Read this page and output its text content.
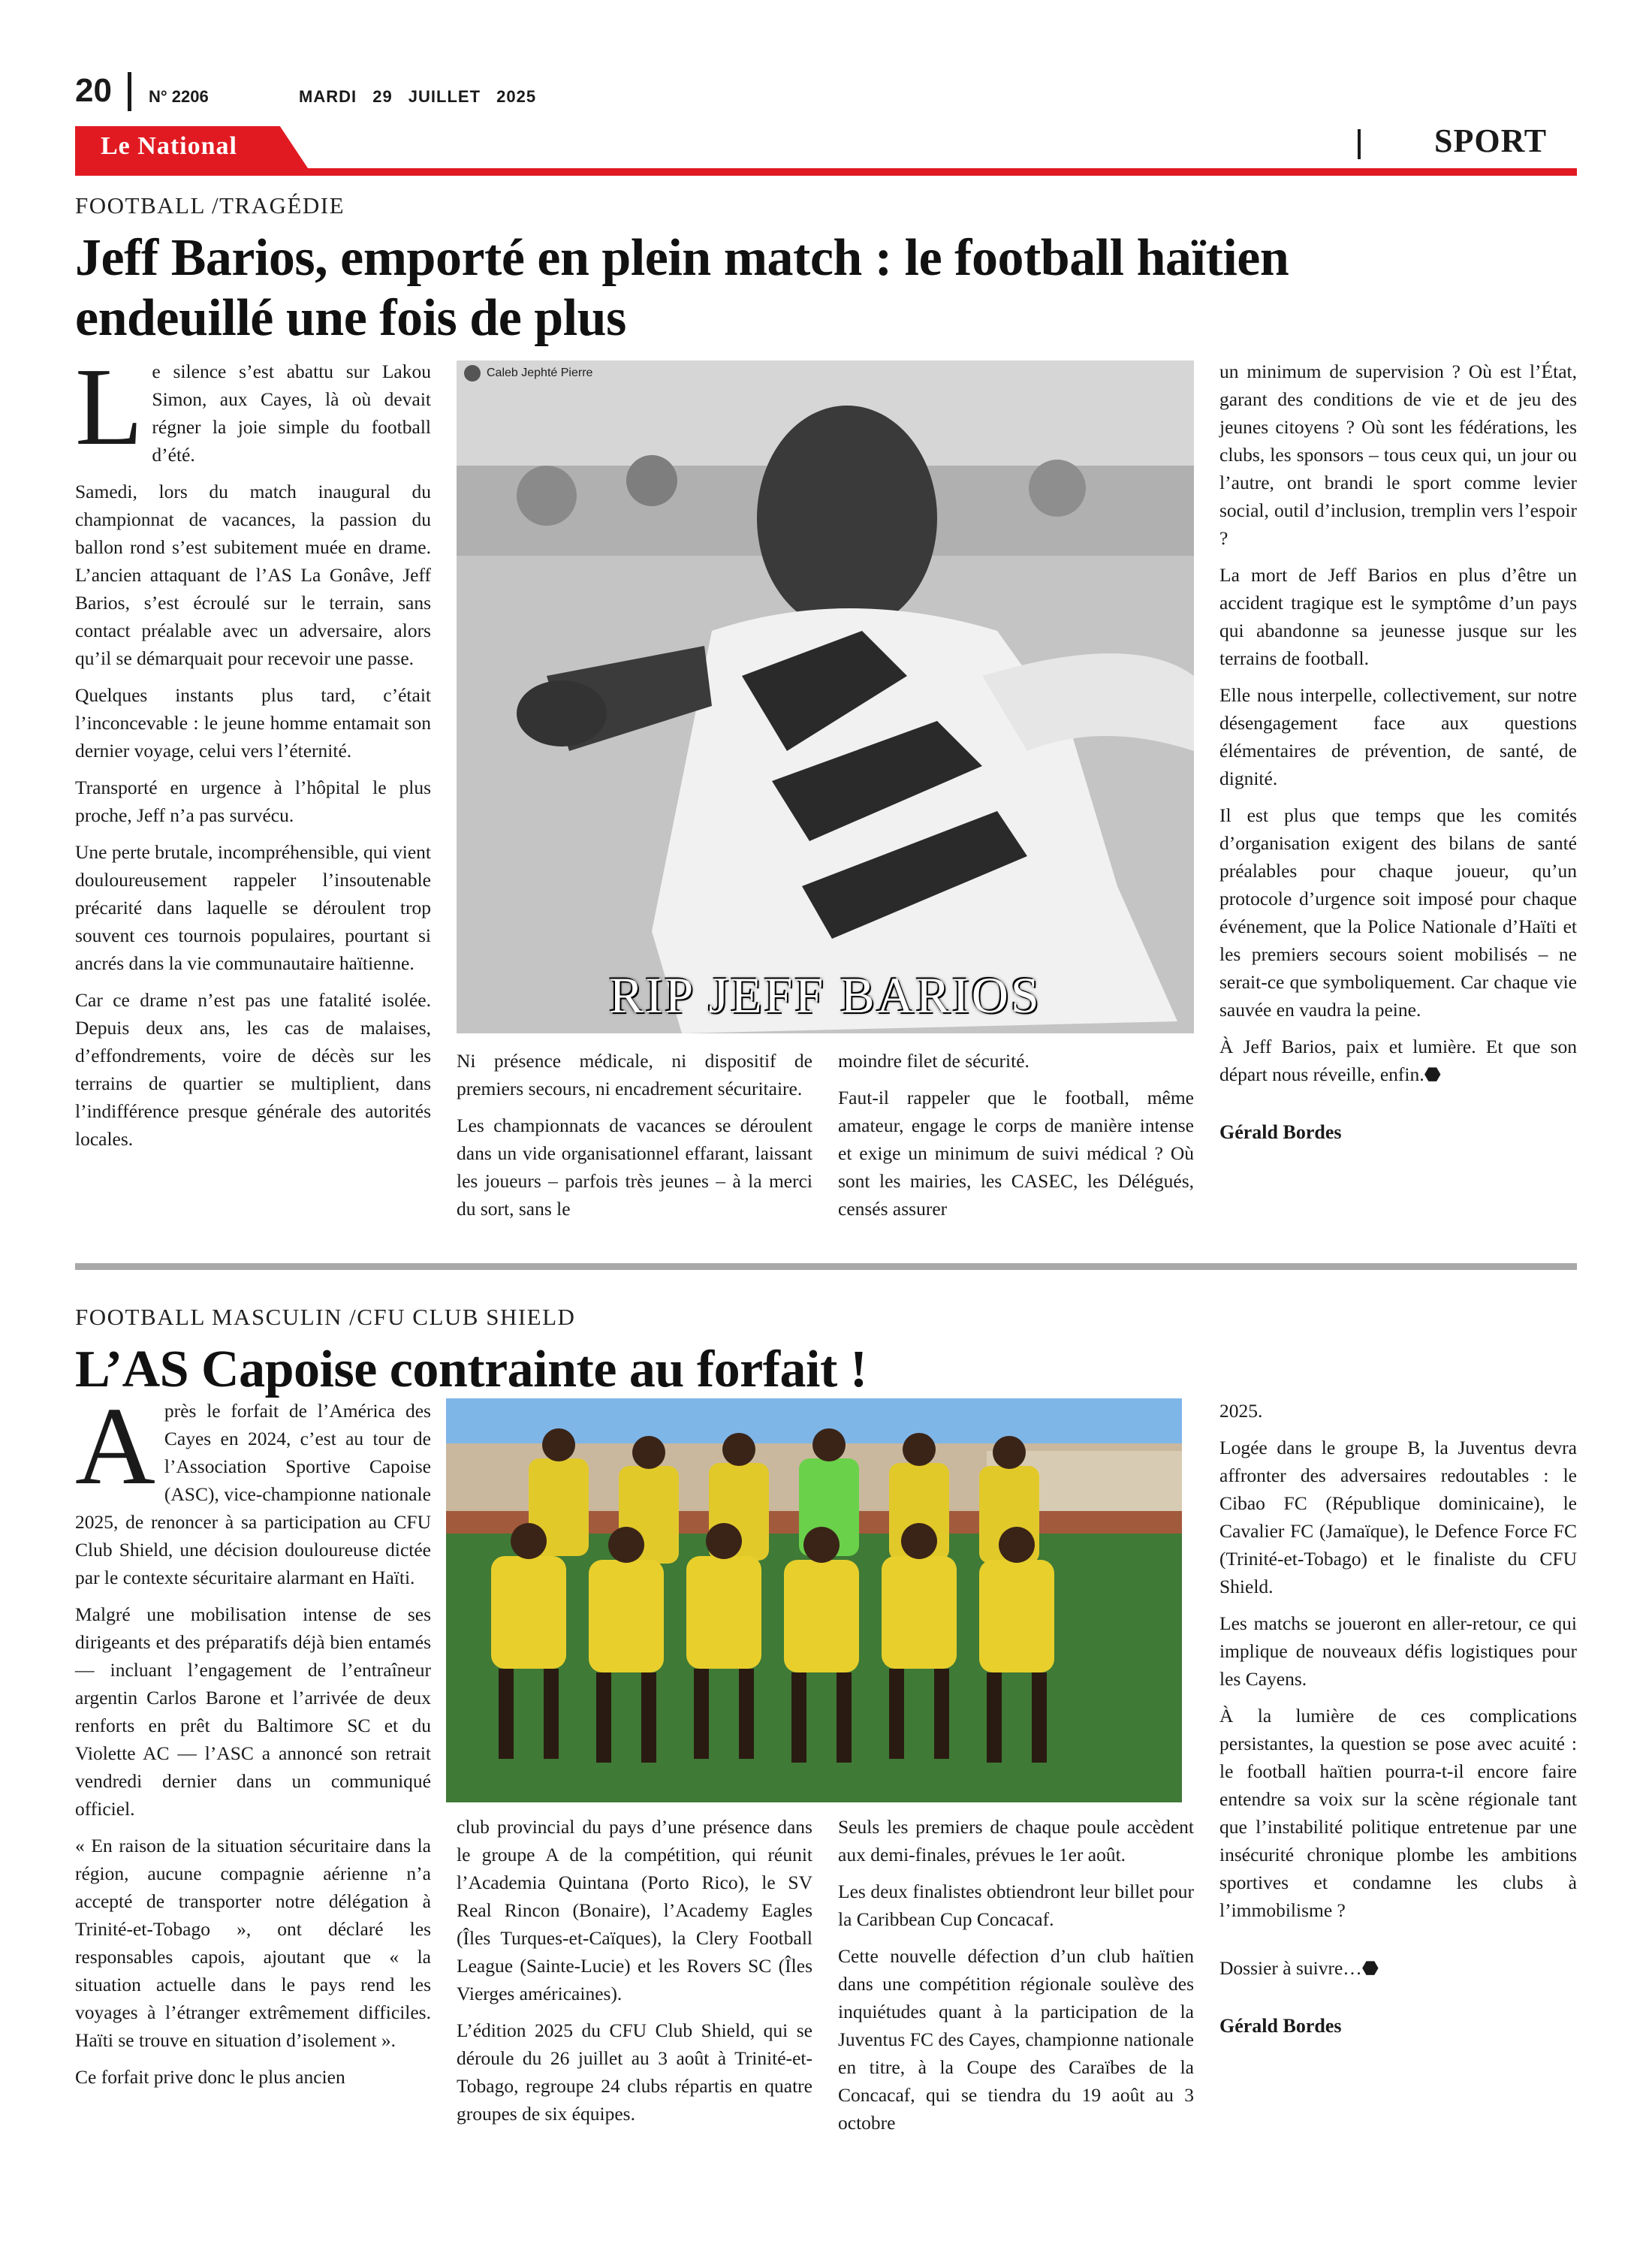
20 N° 2206	MARDI 29 JUILLET 2025
Le National	SPORT
FOOTBALL /TRAGÉDIE
Jeff Barios, emporté en plein match : le football haïtien
endeuillé une fois de plus

Le silence s’est abattu sur Lakou Simon, aux Cayes, là où devait régner la joie simple du football d’été.

Samedi, lors du match inaugural du championnat de vacances, la passion du ballon rond s’est subitement muée en drame. L’ancien attaquant de l’AS La Gonâve, Jeff Barios, s’est écroulé sur le terrain, sans contact préalable avec un adversaire, alors qu’il se démarquait pour recevoir une passe.

Quelques instants plus tard, c’était l’inconcevable : le jeune homme entamait son dernier voyage, celui vers l’éternité.

Transporté en urgence à l’hôpital le plus proche, Jeff n’a pas survécu.

Une perte brutale, incompréhensible, qui vient douloureusement rappeler l’insoutenable précarité dans laquelle se déroulent trop souvent ces tournois populaires, pourtant si ancrés dans la vie communautaire haïtienne.

Car ce drame n’est pas une fatalité isolée. Depuis deux ans, les cas de malaises, d’effondrements, voire de décès sur les terrains de quartier se multiplient, dans l’indifférence presque générale des autorités locales.

RIP JEFF BARIOS
Caleb Jephté Pierre

Ni présence médicale, ni dispositif de premiers secours, ni encadrement sécuritaire.

Les championnats de vacances se déroulent dans un vide organisationnel effarant, laissant les joueurs – parfois très jeunes – à la merci du sort, sans le

moindre filet de sécurité.

Faut-il rappeler que le football, même amateur, engage le corps de manière intense et exige un minimum de suivi médical ? Où sont les mairies, les CASEC, les Délégués, censés assurer

un minimum de supervision ? Où est l’État, garant des conditions de vie et de jeu des jeunes citoyens ? Où sont les fédérations, les clubs, les sponsors – tous ceux qui, un jour ou l’autre, ont brandi le sport comme levier social, outil d’inclusion, tremplin vers l’espoir ?

La mort de Jeff Barios en plus d’être un accident tragique est le symptôme d’un pays qui abandonne sa jeunesse jusque sur les terrains de football.

Elle nous interpelle, collectivement, sur notre désengagement face aux questions élémentaires de prévention, de santé, de dignité.

Il est plus que temps que les comités d’organisation exigent des bilans de santé préalables pour chaque joueur, qu’un protocole d’urgence soit imposé pour chaque événement, que la Police Nationale d’Haïti et les premiers secours soient mobilisés – ne serait-ce que symboliquement. Car chaque vie sauvée en vaudra la peine.

À Jeff Barios, paix et lumière. Et que son départ nous réveille, enfin.⬣

Gérald Bordes

FOOTBALL MASCULIN /CFU CLUB SHIELD
L’AS Capoise contrainte au forfait !

Après le forfait de l’América des Cayes en 2024, c’est au tour de l’Association Sportive Capoise (ASC), vice-championne nationale 2025, de renoncer à sa participation au CFU Club Shield, une décision douloureuse dictée par le contexte sécuritaire alarmant en Haïti.

Malgré une mobilisation intense de ses dirigeants et des préparatifs déjà bien entamés — incluant l’engagement de l’entraîneur argentin Carlos Barone et l’arrivée de deux renforts en prêt du Baltimore SC et du Violette AC — l’ASC a annoncé son retrait vendredi dernier dans un communiqué officiel.

« En raison de la situation sécuritaire dans la région, aucune compagnie aérienne n’a accepté de transporter notre délégation à Trinité-et-Tobago », ont déclaré les responsables capois, ajoutant que « la situation actuelle dans le pays rend les voyages à l’étranger extrêmement difficiles. Haïti se trouve en situation d’isolement ».

Ce forfait prive donc le plus ancien

club provincial du pays d’une présence dans le groupe A de la compétition, qui réunit l’Academia Quintana (Porto Rico), le SV Real Rincon (Bonaire), l’Academy Eagles (Îles Turques-et-Caïques), la Clery Football League (Sainte-Lucie) et les Rovers SC (Îles Vierges américaines).

L’édition 2025 du CFU Club Shield, qui se déroule du 26 juillet au 3 août à Trinité-et-Tobago, regroupe 24 clubs répartis en quatre groupes de six équipes.

Seuls les premiers de chaque poule accèdent aux demi-finales, prévues le 1er août.

Les deux finalistes obtiendront leur billet pour la Caribbean Cup Concacaf.

Cette nouvelle défection d’un club haïtien dans une compétition régionale soulève des inquiétudes quant à la participation de la Juventus FC des Cayes, championne nationale en titre, à la Coupe des Caraïbes de la Concacaf, qui se tiendra du 19 août au 3 octobre

2025.

Logée dans le groupe B, la Juventus devra affronter des adversaires redoutables : le Cibao FC (République dominicaine), le Cavalier FC (Jamaïque), le Defence Force FC (Trinité-et-Tobago) et le finaliste du CFU Shield.

Les matchs se joueront en aller-retour, ce qui implique de nouveaux défis logistiques pour les Cayens.

À la lumière de ces complications persistantes, la question se pose avec acuité : le football haïtien pourra-t-il encore faire entendre sa voix sur la scène régionale tant que l’instabilité politique entretenue par une insécurité chronique plombe les ambitions sportives et condamne les clubs à l’immobilisme ?

Dossier à suivre…⬣

Gérald Bordes
